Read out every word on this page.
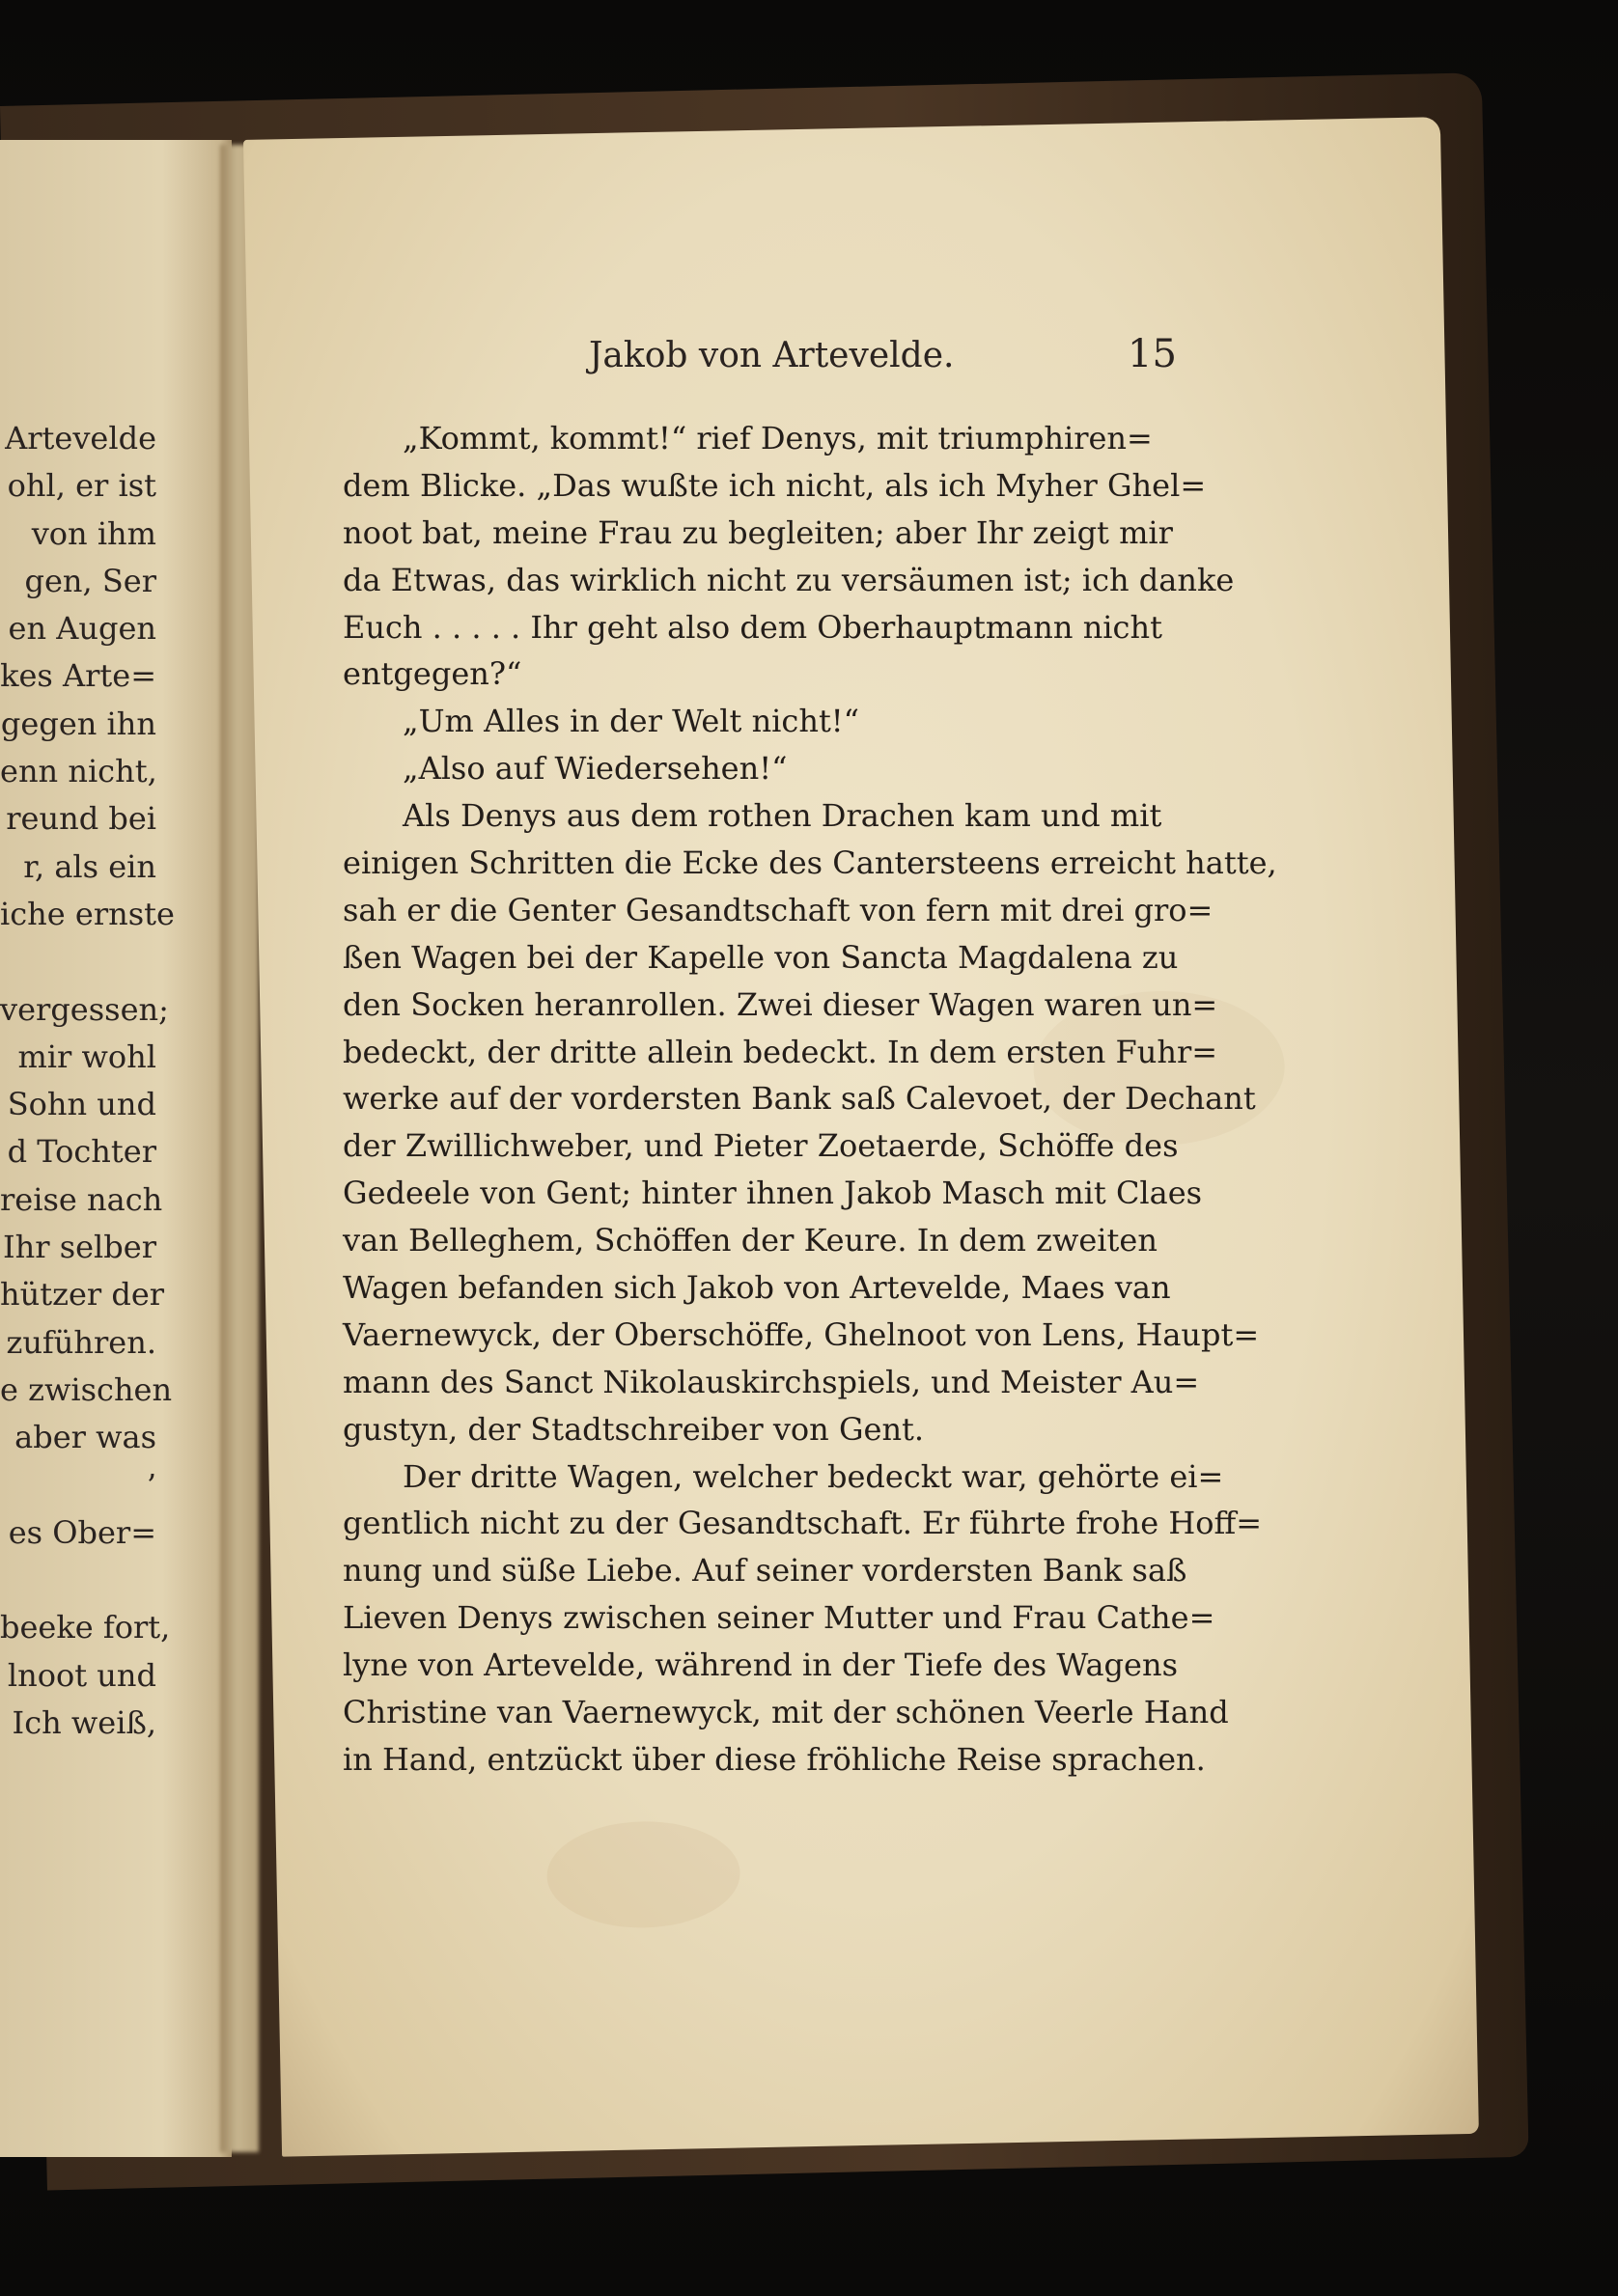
Artevelde
ohl, er ist
von ihm
gen, Ser
en Augen
kes Arte=
gegen ihn
enn nicht,
reund bei
r, als ein
iche ernste
vergessen;
mir wohl
Sohn und
d Tochter
reise nach
Ihr selber
hützer der
zuführen.
e zwischen
aber was
’
es Ober=
beeke fort,
lnoot und
Ich weiß,
Jakob von Artevelde.	15
„Kommt, kommt!“ rief Denys, mit triumphiren=
dem Blicke. „Das wußte ich nicht, als ich Myher Ghel=
noot bat, meine Frau zu begleiten; aber Ihr zeigt mir
da Etwas, das wirklich nicht zu versäumen ist; ich danke
Euch . . . . . Ihr geht also dem Oberhauptmann nicht
entgegen?“
„Um Alles in der Welt nicht!“
„Also auf Wiedersehen!“
Als Denys aus dem rothen Drachen kam und mit
einigen Schritten die Ecke des Cantersteens erreicht hatte,
sah er die Genter Gesandtschaft von fern mit drei gro=
ßen Wagen bei der Kapelle von Sancta Magdalena zu
den Socken heranrollen. Zwei dieser Wagen waren un=
bedeckt, der dritte allein bedeckt. In dem ersten Fuhr=
werke auf der vordersten Bank saß Calevoet, der Dechant
der Zwillichweber, und Pieter Zoetaerde, Schöffe des
Gedeele von Gent; hinter ihnen Jakob Masch mit Claes
van Belleghem, Schöffen der Keure. In dem zweiten
Wagen befanden sich Jakob von Artevelde, Maes van
Vaernewyck, der Oberschöffe, Ghelnoot von Lens, Haupt=
mann des Sanct Nikolauskirchspiels, und Meister Au=
gustyn, der Stadtschreiber von Gent.
Der dritte Wagen, welcher bedeckt war, gehörte ei=
gentlich nicht zu der Gesandtschaft. Er führte frohe Hoff=
nung und süße Liebe. Auf seiner vordersten Bank saß
Lieven Denys zwischen seiner Mutter und Frau Cathe=
lyne von Artevelde, während in der Tiefe des Wagens
Christine van Vaernewyck, mit der schönen Veerle Hand
in Hand, entzückt über diese fröhliche Reise sprachen.
